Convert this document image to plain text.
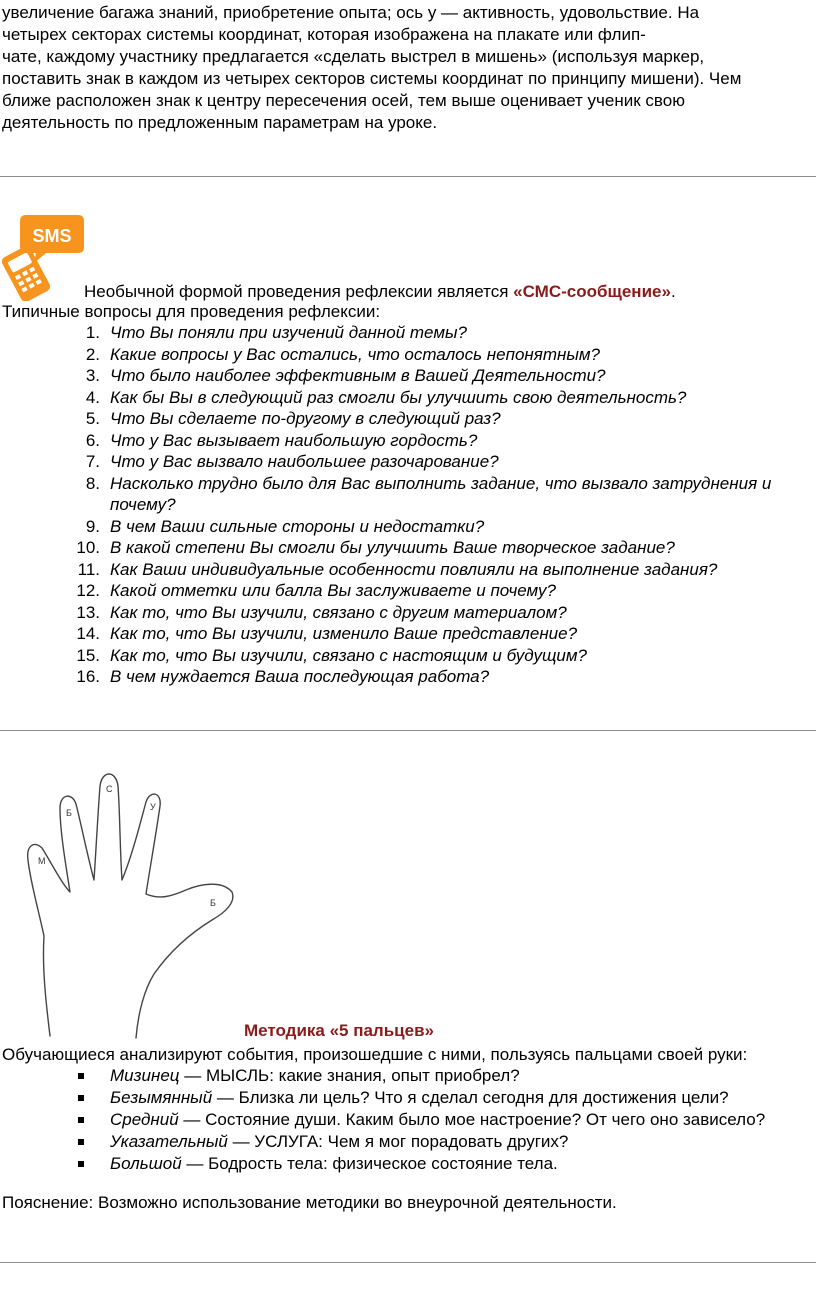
увеличение багажа знаний, приобретение опыта; ось у — активность, удовольствие. На
четырех секторах системы координат, которая изображена на плакате или флип-
чате, каждому участнику предлагается «сделать выстрел в мишень» (используя маркер,
поставить знак в каждом из четырех секторов системы координат по принципу мишени). Чем
ближе расположен знак к центру пересечения осей, тем выше оценивает ученик свою
деятельность по предложенным параметрам на уроке.
SMS
Необычной формой проведения рефлексии является «СМС-сообщение».
Типичные вопросы для проведения рефлексии:
1. Что Вы поняли при изучений данной темы?
2. Какие вопросы у Вас остались, что осталось непонятным?
3. Что было наиболее эффективным в Вашей Деятельности?
4. Как бы Вы в следующий раз смогли бы улучшить свою деятельность?
5. Что Вы сделаете по-другому в следующий раз?
6. Что у Вас вызывает наибольшую гордость?
7. Что у Вас вызвало наибольшее разочарование?
8. Насколько трудно было для Вас выполнить задание, что вызвало затруднения и почему?
9. В чем Ваши сильные стороны и недостатки?
10. В какой степени Вы смогли бы улучшить Ваше творческое задание?
11. Как Ваши индивидуальные особенности повлияли на выполнение задания?
12. Какой отметки или балла Вы заслуживаете и почему?
13. Как то, что Вы изучили, связано с другим материалом?
14. Как то, что Вы изучили, изменило Ваше представление?
15. Как то, что Вы изучили, связано с настоящим и будущим?
16. В чем нуждается Ваша последующая работа?
М
Б
С
У
Б
Методика «5 пальцев»
Обучающиеся анализируют события, произошедшие с ними, пользуясь пальцами своей руки:
Мизинец — МЫСЛЬ: какие знания, опыт приобрел?
Безымянный — Близка ли цель? Что я сделал сегодня для достижения цели?
Средний — Состояние души. Каким было мое настроение? От чего оно зависело?
Указательный — УСЛУГА: Чем я мог порадовать других?
Большой — Бодрость тела: физическое состояние тела.
Пояснение: Возможно использование методики во внеурочной деятельности.
